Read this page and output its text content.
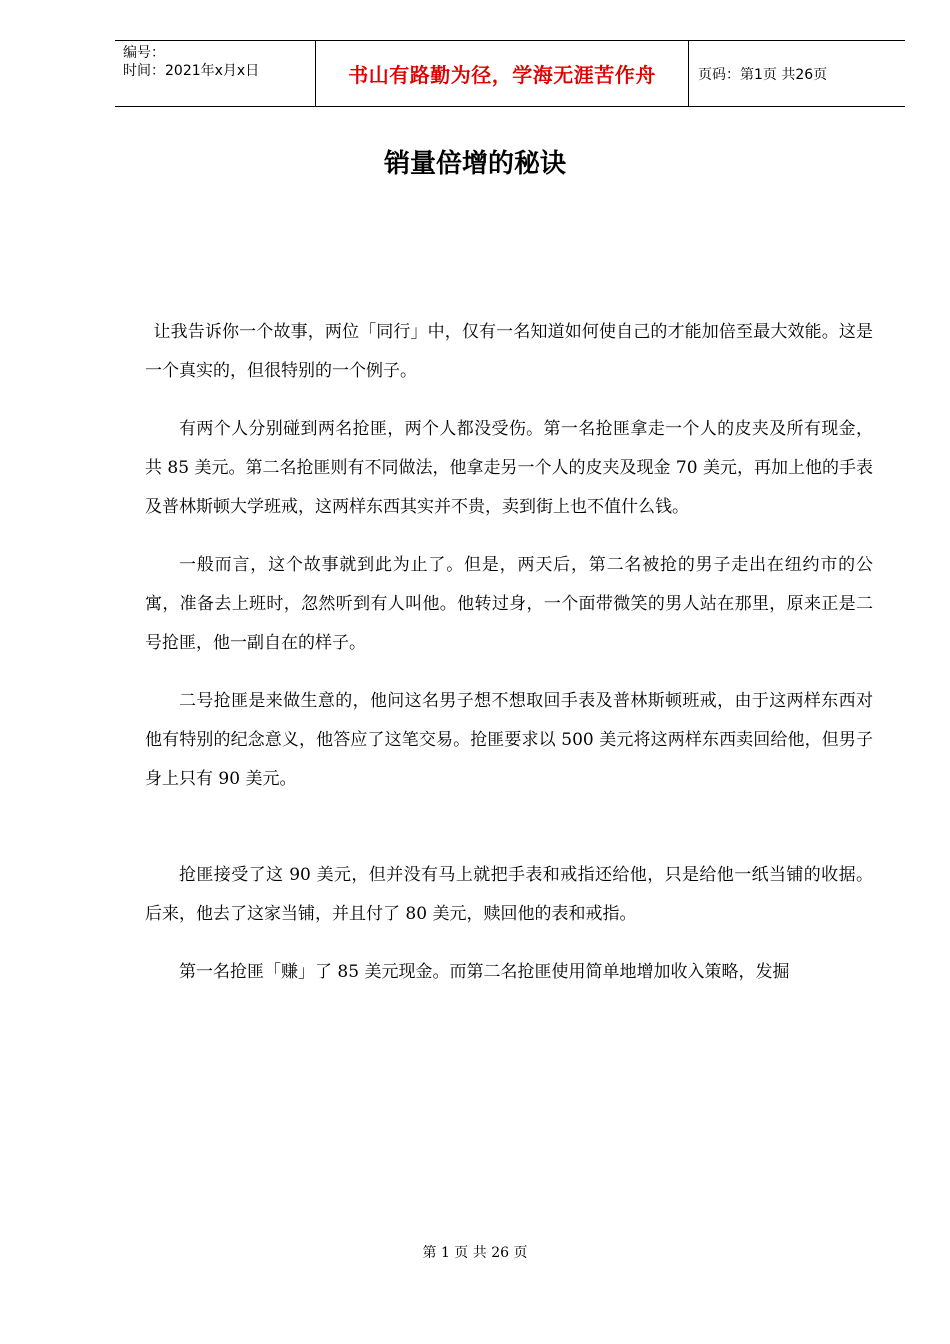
编号：
时间：2021年x月x日	书山有路勤为径，学海无涯苦作舟	页码：第1页 共26页
销量倍增的秘诀

让我告诉你一个故事，两位「同行」中，仅有一名知道如何使自己的才能加倍至最大效能。这是一个真实的，但很特别的一个例子。

有两个人分别碰到两名抢匪，两个人都没受伤。第一名抢匪拿走一个人的皮夹及所有现金，共 85 美元。第二名抢匪则有不同做法，他拿走另一个人的皮夹及现金 70 美元，再加上他的手表及普林斯顿大学班戒，这两样东西其实并不贵，卖到街上也不值什么钱。

一般而言，这个故事就到此为止了。但是，两天后，第二名被抢的男子走出在纽约市的公寓，准备去上班时，忽然听到有人叫他。他转过身，一个面带微笑的男人站在那里，原来正是二号抢匪，他一副自在的样子。

二号抢匪是来做生意的，他问这名男子想不想取回手表及普林斯顿班戒，由于这两样东西对他有特别的纪念意义，他答应了这笔交易。抢匪要求以 500 美元将这两样东西卖回给他，但男子身上只有 90 美元。

抢匪接受了这 90 美元，但并没有马上就把手表和戒指还给他，只是给他一纸当铺的收据。后来，他去了这家当铺，并且付了 80 美元，赎回他的表和戒指。

第一名抢匪「赚」了 85 美元现金。而第二名抢匪使用简单地增加收入策略，发掘

第 1 页 共 26 页
